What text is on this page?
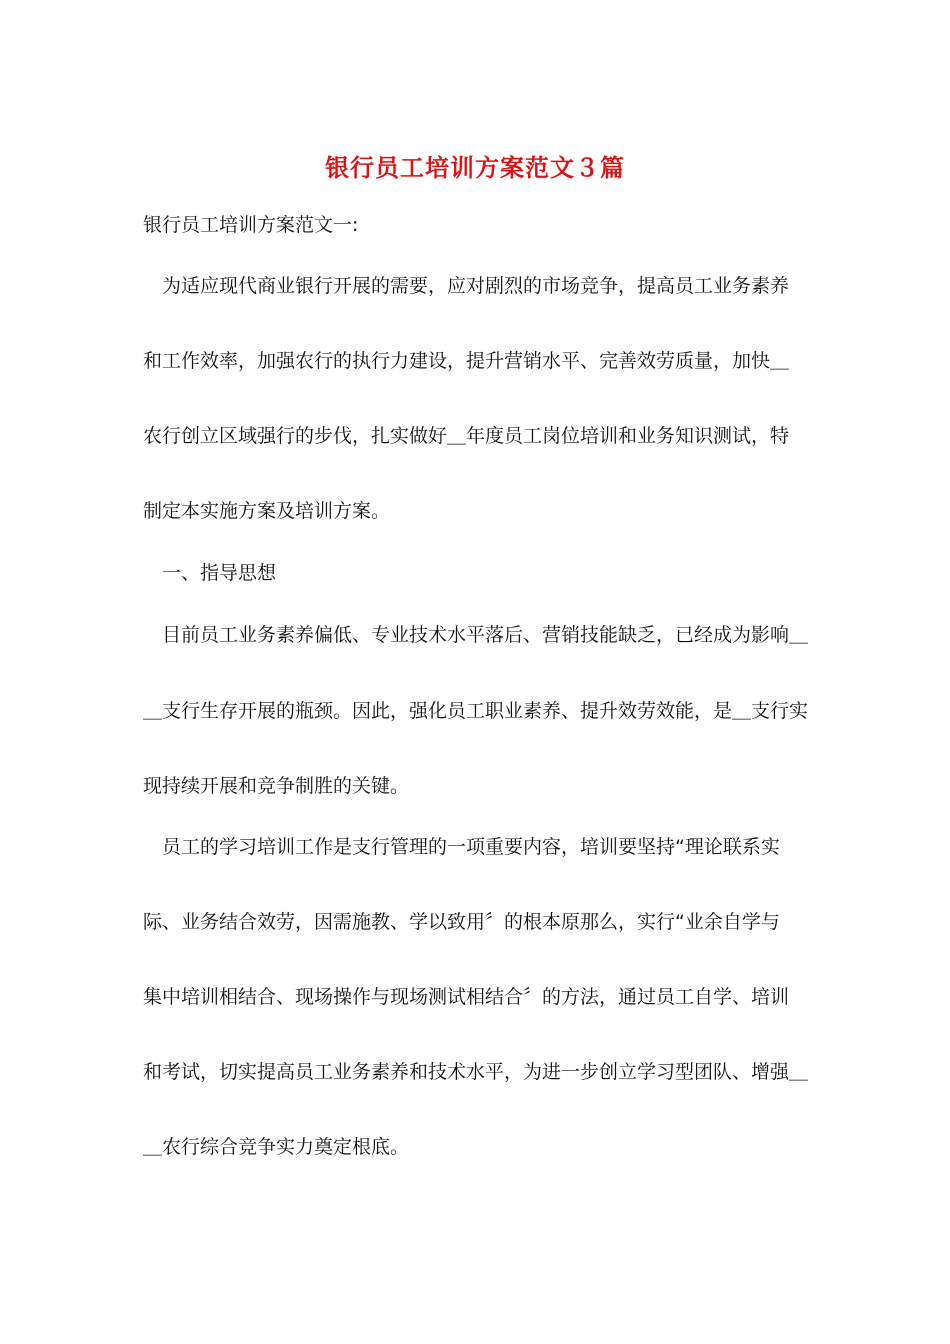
银行员工培训方案范文３篇
银行员工培训方案范文一:
　为适应现代商业银行开展的需要，应对剧烈的市场竞争，提高员工业务素养
和工作效率，加强农行的执行力建设，提升营销水平、完善效劳质量，加快＿
农行创立区域强行的步伐，扎实做好＿年度员工岗位培训和业务知识测试，特
制定本实施方案及培训方案。
　一、指导思想
　目前员工业务素养偏低、专业技术水平落后、营销技能缺乏，已经成为影响＿
＿支行生存开展的瓶颈。因此，强化员工职业素养、提升效劳效能，是＿支行实
现持续开展和竞争制胜的关键。
　员工的学习培训工作是支行管理的一项重要内容，培训要坚持“理论联系实
际、业务结合效劳，因需施教、学以致用〞的根本原那么，实行“业余自学与
集中培训相结合、现场操作与现场测试相结合〞的方法，通过员工自学、培训
和考试，切实提高员工业务素养和技术水平，为进一步创立学习型团队、增强＿
＿农行综合竞争实力奠定根底。
